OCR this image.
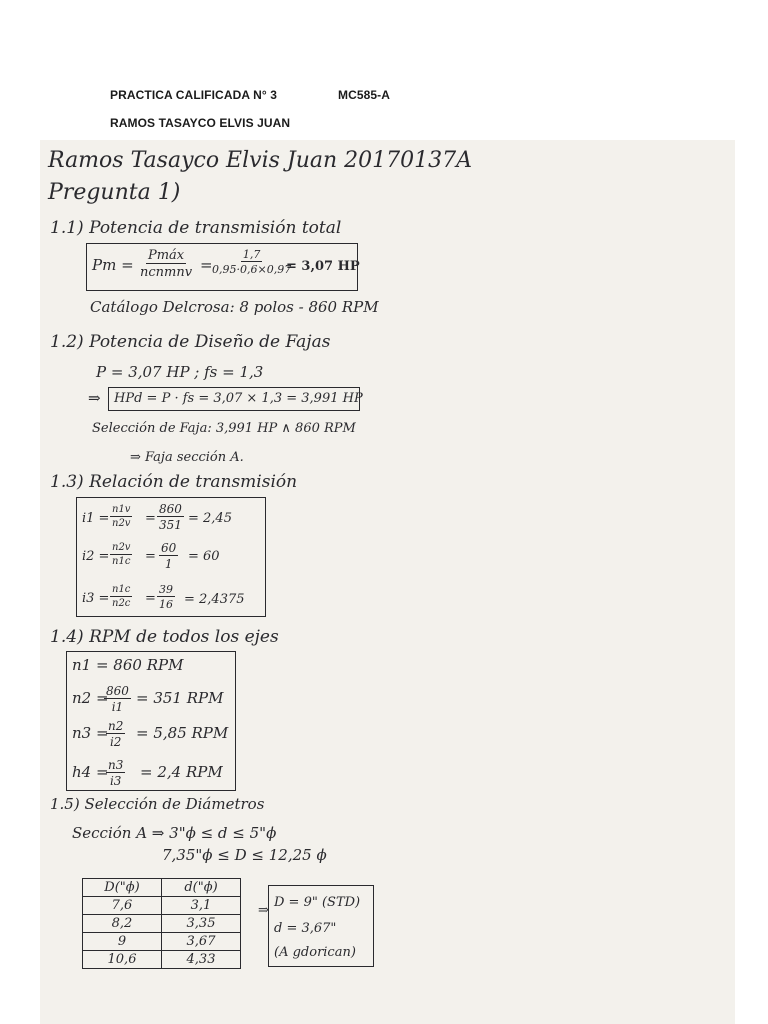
PRACTICA CALIFICADA N° 3	MC585-A
RAMOS TASAYCO ELVIS JUAN
Ramos Tasayco Elvis Juan 20170137A
Pregunta 1)
1.1) Potencia de transmisión total
Pm =
Pmáx
ncnmnv = $\frac{1,7}{0,95\cdot 0,6\times 0,97}$
= 3,07 HP
Catálogo Delcrosa: 8 polos - 860 RPM
1.2) Potencia de Diseño de Fajas
P = 3,07 HP ; fs = 1,3
⇒ HPd = P · fs = 3,07 × 1,3 = 3,991 HP
Selección de Faja: 3,991 HP ∧ 860 RPM
⇒ Faja sección A.
1.3) Relación de transmisión
$i1 = \frac{n1v}{n2v} = \frac{860}{351} = 2,45$
$i2 = \frac{n2v}{n1c} = \frac{60}{1} = 60$
$i3 = \frac{n1c}{n2c} = \frac{39}{16} = 2,4375$
1.4) RPM de todos los ejes
n1 = 860 RPM
n2 =
$\frac{860}{i1} = 351$ RPM
n3 =
$\frac{n2}{i2} = 5,85$ RPM
h4 =
$\frac{n3}{i3} = 2,4$ RPM
1.5) Selección de Diámetros
Sección A ⇒ 3"ϕ ≤ d ≤ 5"ϕ
7,35"ϕ ≤ D ≤ 12,25 ϕ
D("ϕ)	d("ϕ)
7,6	3,1
8,2	3,35
9	3,67
10,6	4,33
⇒
D = 9" (STD)
d = 3,67"
(A gdorican)
